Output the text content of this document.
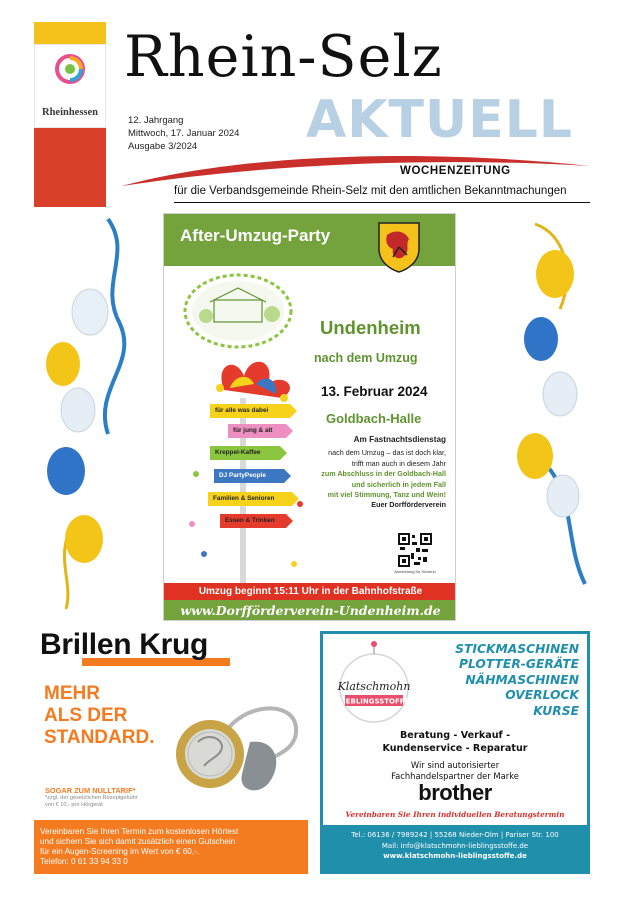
Rheinhessen
Rhein-Selz
AKTUELL
12. Jahrgang
Mittwoch, 17. Januar 2024
Ausgabe 3/2024
WOCHENZEITUNG
für die Verbandsgemeinde Rhein-Selz mit den amtlichen Bekanntmachungen
After-Umzug-Party
Undenheim
nach dem Umzug
13. Februar 2024
Goldbach-Halle
Am Fastnachtsdienstag
nach dem Umzug – das ist doch klar,
trifft man auch in diesem Jahr
zum Abschluss in der Goldbach-Hall
und sicherlich in jedem Fall
mit viel Stimmung, Tanz und Wein!
Euer Dorfförderverein
für alle was dabei
für jung & alt
Kreppel-Kaffee
DJ PartyPeople
Familien & Senioren
Essen & Trinken
Anmeldung für Sichenn
Umzug beginnt 15:11 Uhr in der Bahnhofstraße
www.Dorfförderverein-Undenheim.de
Brillen Krug
MEHR
ALS DER
STANDARD.
SOGAR ZUM NULLTARIF*
*zzgl. der gesetzlichen Rezeptgebühr
von € 10,- pro Hörgerät
Vereinbaren Sie Ihren Termin zum kostenlosen Hörtest
und sichern Sie sich damit zusätzlich einen Gutschein
für ein Augen-Screening im Wert von € 60,-.
Telefon: 0 61 33 94 33 0
Klatschmohn
LIEBLINGSSTOFFE
STICKMASCHINEN
PLOTTER-GERÄTE
NÄHMASCHINEN
OVERLOCK
KURSE
Beratung - Verkauf -
Kundenservice - Reparatur
Wir sind autorisierter
Fachhandelspartner der Marke
brother
Vereinbaren Sie Ihren individuellen Beratungstermin
Tel.: 06136 / 7989242 | 55268 Nieder-Olm | Pariser Str. 100
Mail: info@klatschmohn-lieblingsstoffe.de
www.klatschmohn-lieblingsstoffe.de
